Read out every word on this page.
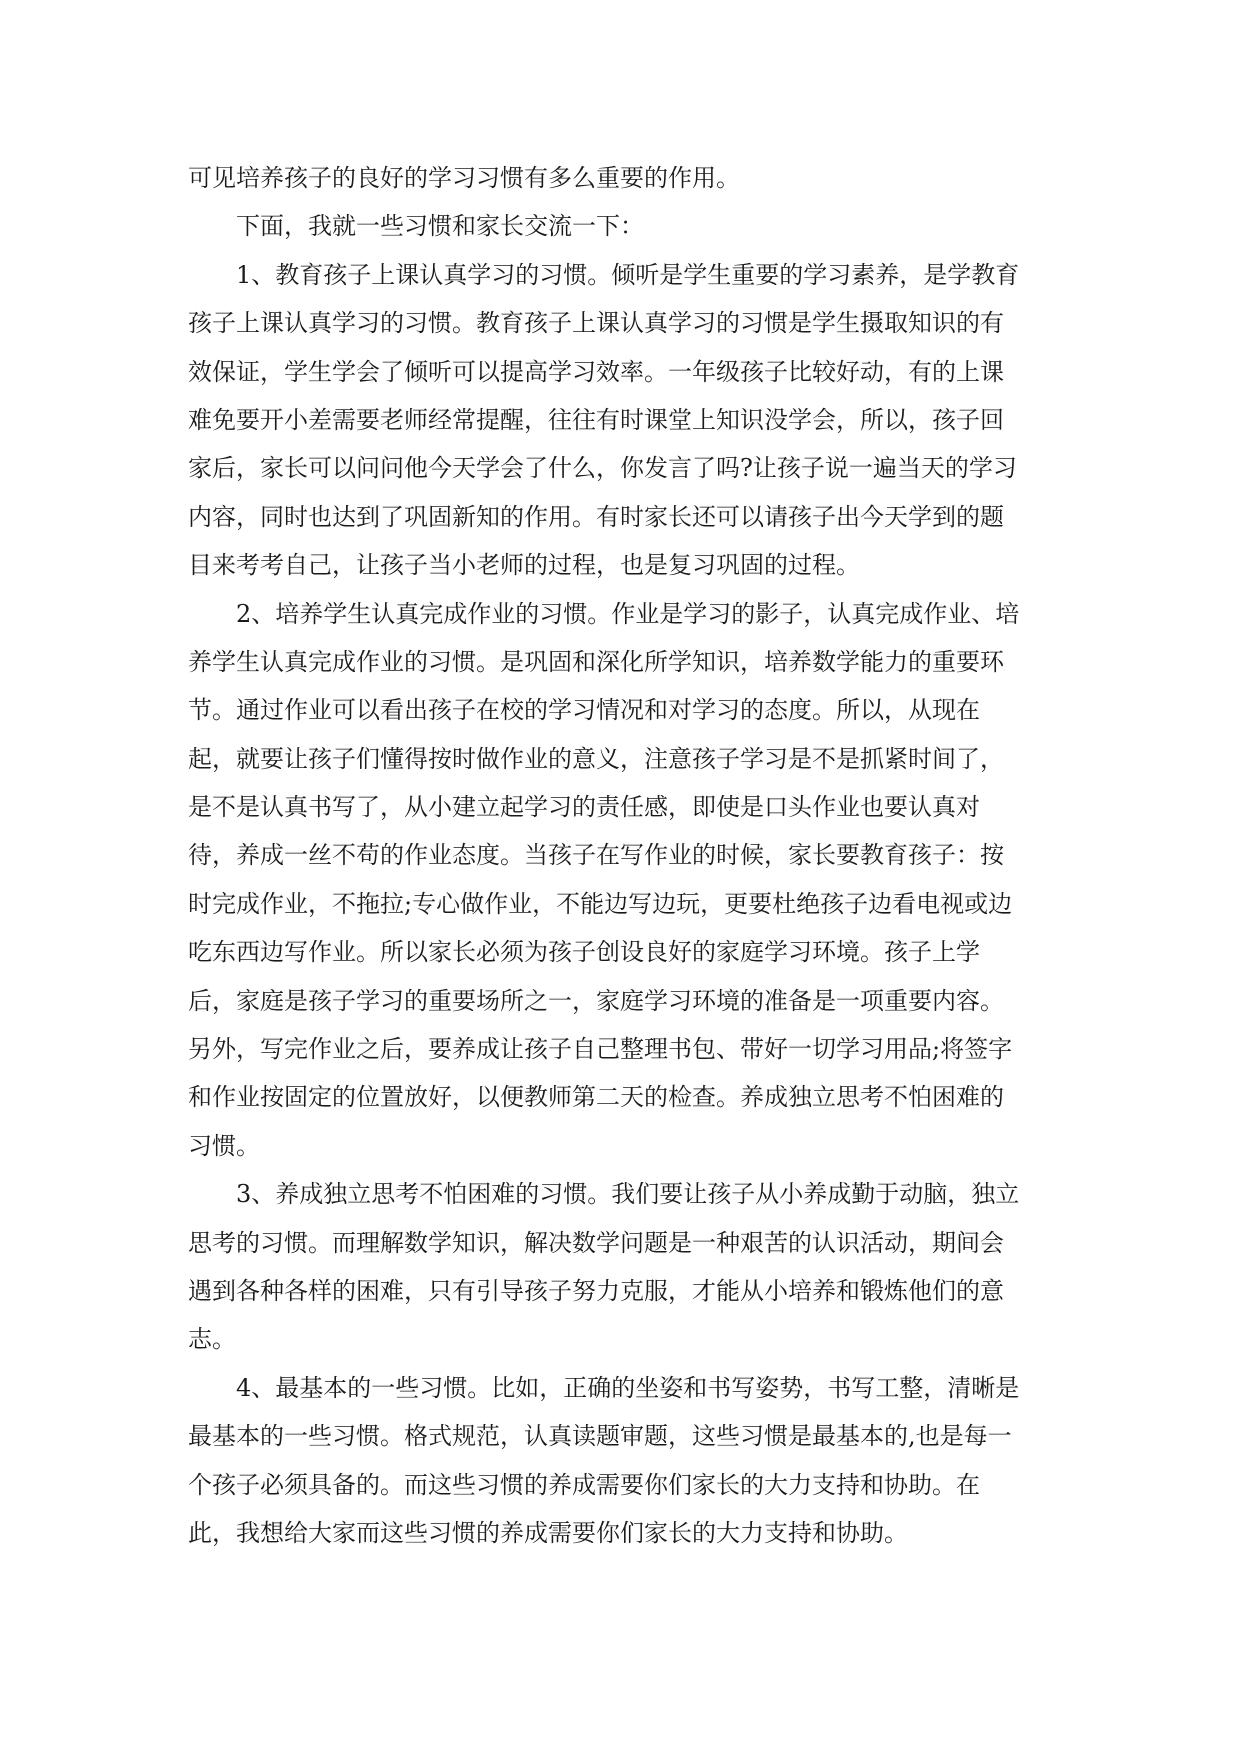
可见培养孩子的良好的学习习惯有多么重要的作用。
下面，我就一些习惯和家长交流一下：
1、教育孩子上课认真学习的习惯。倾听是学生重要的学习素养，是学教育
孩子上课认真学习的习惯。教育孩子上课认真学习的习惯是学生摄取知识的有
效保证，学生学会了倾听可以提高学习效率。一年级孩子比较好动，有的上课
难免要开小差需要老师经常提醒，往往有时课堂上知识没学会，所以，孩子回
家后，家长可以问问他今天学会了什么，你发言了吗?让孩子说一遍当天的学习
内容，同时也达到了巩固新知的作用。有时家长还可以请孩子出今天学到的题
目来考考自己，让孩子当小老师的过程，也是复习巩固的过程。
2、培养学生认真完成作业的习惯。作业是学习的影子，认真完成作业、培
养学生认真完成作业的习惯。是巩固和深化所学知识，培养数学能力的重要环
节。通过作业可以看出孩子在校的学习情况和对学习的态度。所以，从现在
起，就要让孩子们懂得按时做作业的意义，注意孩子学习是不是抓紧时间了，
是不是认真书写了，从小建立起学习的责任感，即使是口头作业也要认真对
待，养成一丝不苟的作业态度。当孩子在写作业的时候，家长要教育孩子：按
时完成作业，不拖拉;专心做作业，不能边写边玩，更要杜绝孩子边看电视或边
吃东西边写作业。所以家长必须为孩子创设良好的家庭学习环境。孩子上学
后，家庭是孩子学习的重要场所之一，家庭学习环境的准备是一项重要内容。
另外，写完作业之后，要养成让孩子自己整理书包、带好一切学习用品;将签字
和作业按固定的位置放好，以便教师第二天的检查。养成独立思考不怕困难的
习惯。
3、养成独立思考不怕困难的习惯。我们要让孩子从小养成勤于动脑，独立
思考的习惯。而理解数学知识，解决数学问题是一种艰苦的认识活动，期间会
遇到各种各样的困难，只有引导孩子努力克服，才能从小培养和锻炼他们的意
志。
4、最基本的一些习惯。比如，正确的坐姿和书写姿势，书写工整，清晰是
最基本的一些习惯。格式规范，认真读题审题，这些习惯是最基本的,也是每一
个孩子必须具备的。而这些习惯的养成需要你们家长的大力支持和协助。在
此，我想给大家而这些习惯的养成需要你们家长的大力支持和协助。
